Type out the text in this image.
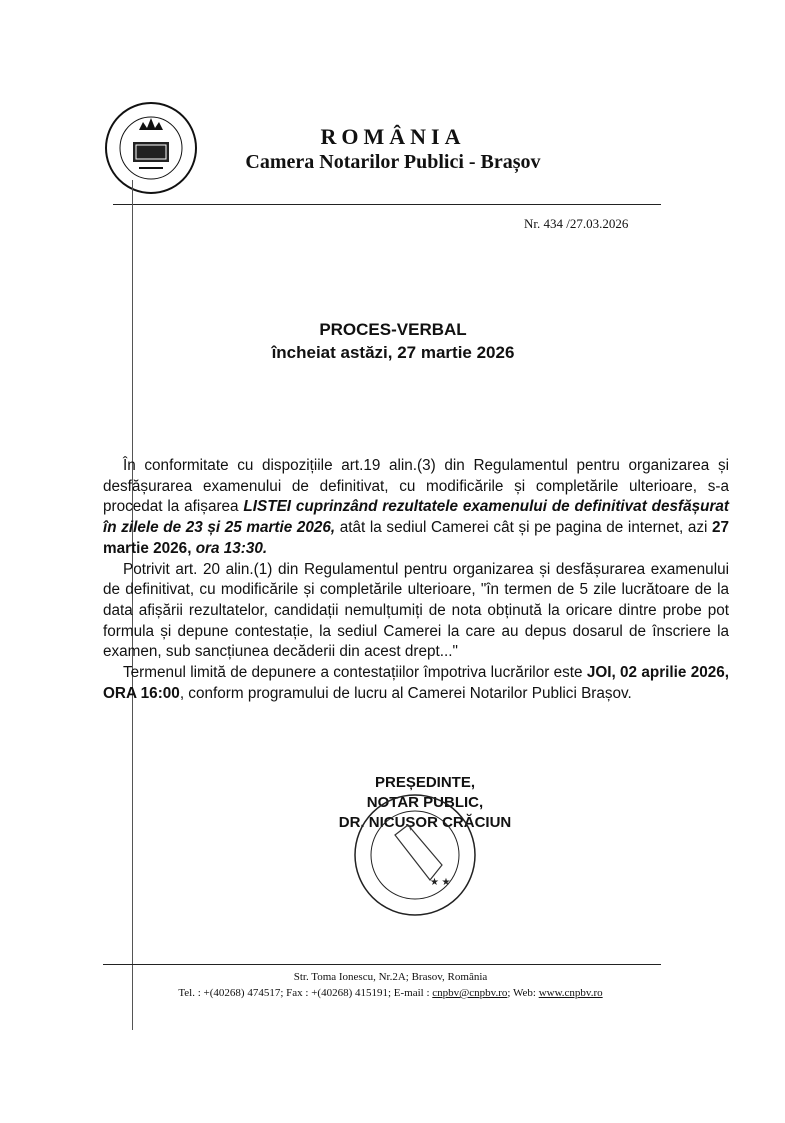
ROMÂNIA
Camera Notarilor Publici - Brașov
Nr. 434 /27.03.2026
PROCES-VERBAL
încheiat astăzi, 27 martie 2026

În conformitate cu dispozițiile art.19 alin.(3) din Regulamentul pentru organizarea și desfășurarea examenului de definitivat, cu modificările și completările ulterioare, s-a procedat la afișarea LISTEI cuprinzând rezultatele examenului de definitivat desfășurat în zilele de 23 și 25 martie 2026, atât la sediul Camerei cât și pe pagina de internet, azi 27 martie 2026, ora 13:30.

Potrivit art. 20 alin.(1) din Regulamentul pentru organizarea și desfășurarea examenului de definitivat, cu modificările și completările ulterioare, "în termen de 5 zile lucrătoare de la data afișării rezultatelor, candidații nemulțumiți de nota obținută la oricare dintre probe pot formula și depune contestație, la sediul Camerei la care au depus dosarul de înscriere la examen, sub sancțiunea decăderii din acest drept..."

Termenul limită de depunere a contestațiilor împotriva lucrărilor este JOI, 02 aprilie 2026, ORA 16:00, conform programului de lucru al Camerei Notarilor Publici Brașov.

PREȘEDINTE,
NOTAR PUBLIC,
DR. NICUȘOR CRĂCIUN
★ ★
Str. Toma Ionescu, Nr.2A; Brasov, România
Tel. : +(40268) 474517; Fax : +(40268) 415191; E-mail : cnpbv@cnpbv.ro; Web: www.cnpbv.ro
